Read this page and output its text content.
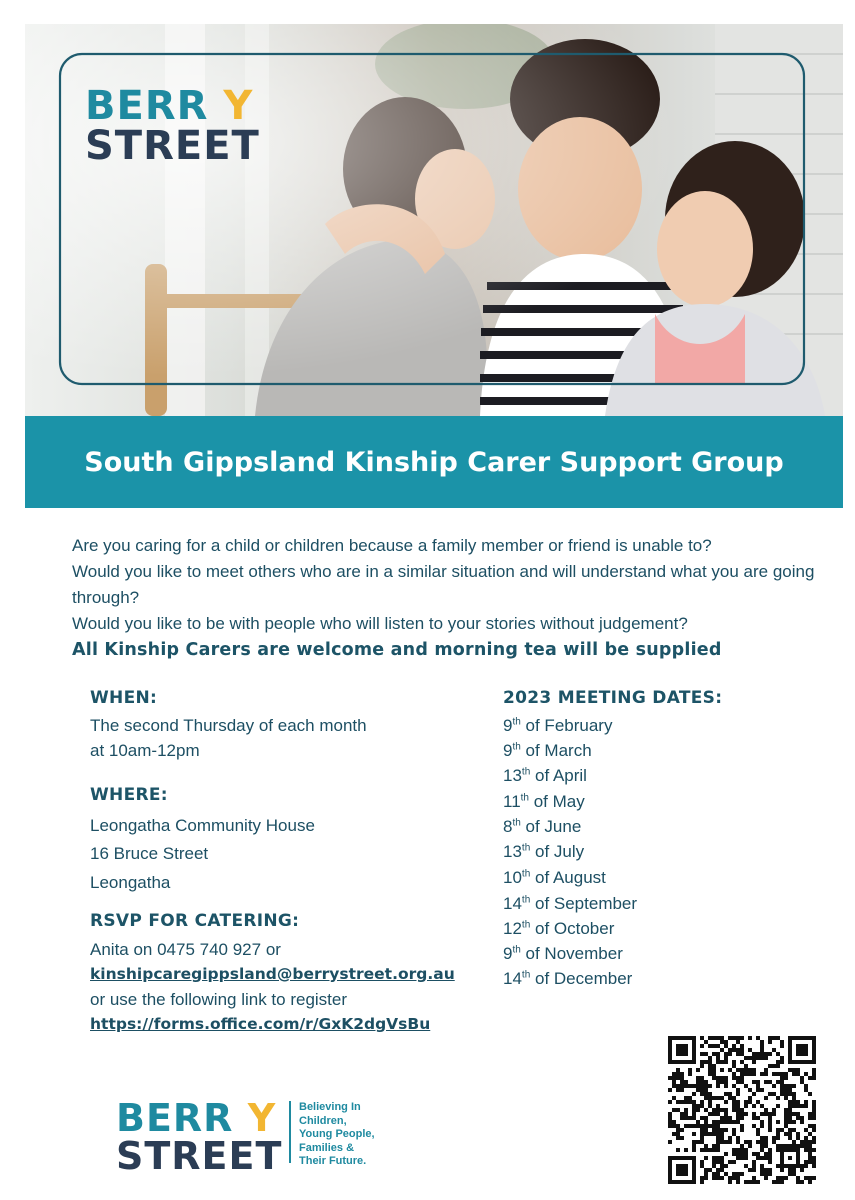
BERR Y
STREET
South Gippsland Kinship Carer Support Group

Are you caring for a child or children because a family member or friend is unable to?

Would you like to meet others who are in a similar situation and will understand what you are going through?

Would you like to be with people who will listen to your stories without judgement?

All Kinship Carers are welcome and morning tea will be supplied

WHEN:
The second Thursday of each month
at 10am-12pm
WHERE:
Leongatha Community House
16 Bruce Street
Leongatha
RSVP FOR CATERING:
Anita on 0475 740 927 or
kinshipcaregippsland@berrystreet.org.au
or use the following link to register
https://forms.office.com/r/GxK2dgVsBu
2023 MEETING DATES:
9th of February
9th of March
13th of April
11th of May
8th of June
13th of July
10th of August
14th of September
12th of October
9th of November
14th of December
BERR Y
STREET
Believing In
Children,
Young People,
Families &
Their Future.
